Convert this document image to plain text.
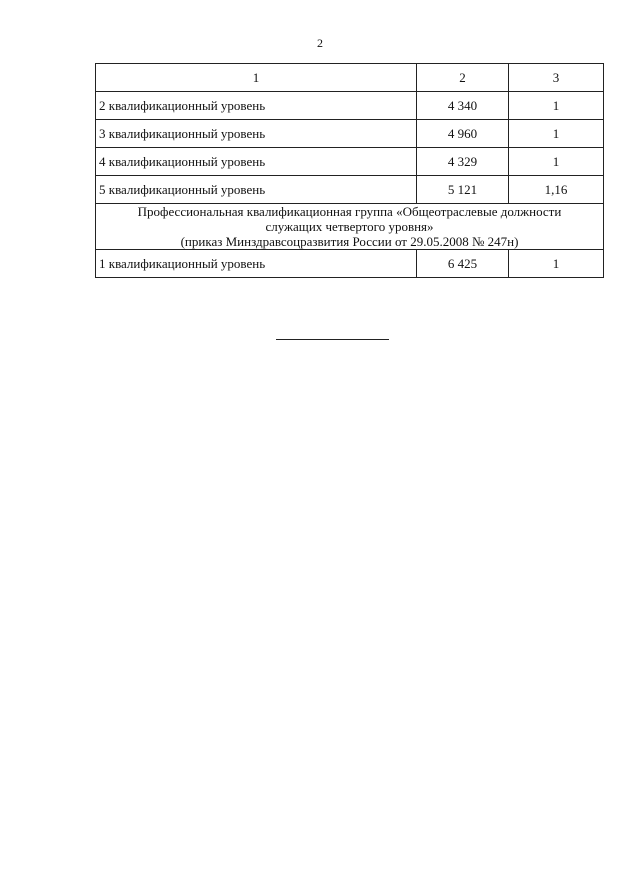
2
1	2	3
2 квалификационный уровень	4 340	1
3 квалификационный уровень	4 960	1
4 квалификационный уровень	4 329	1
5 квалификационный уровень	5 121	1,16

Профессиональная квалификационная группа «Общеотраслевые должности
служащих четвертого уровня»
(приказ Минздравсоцразвития России от 29.05.2008 № 247н)		

1 квалификационный уровень	6 425	1
